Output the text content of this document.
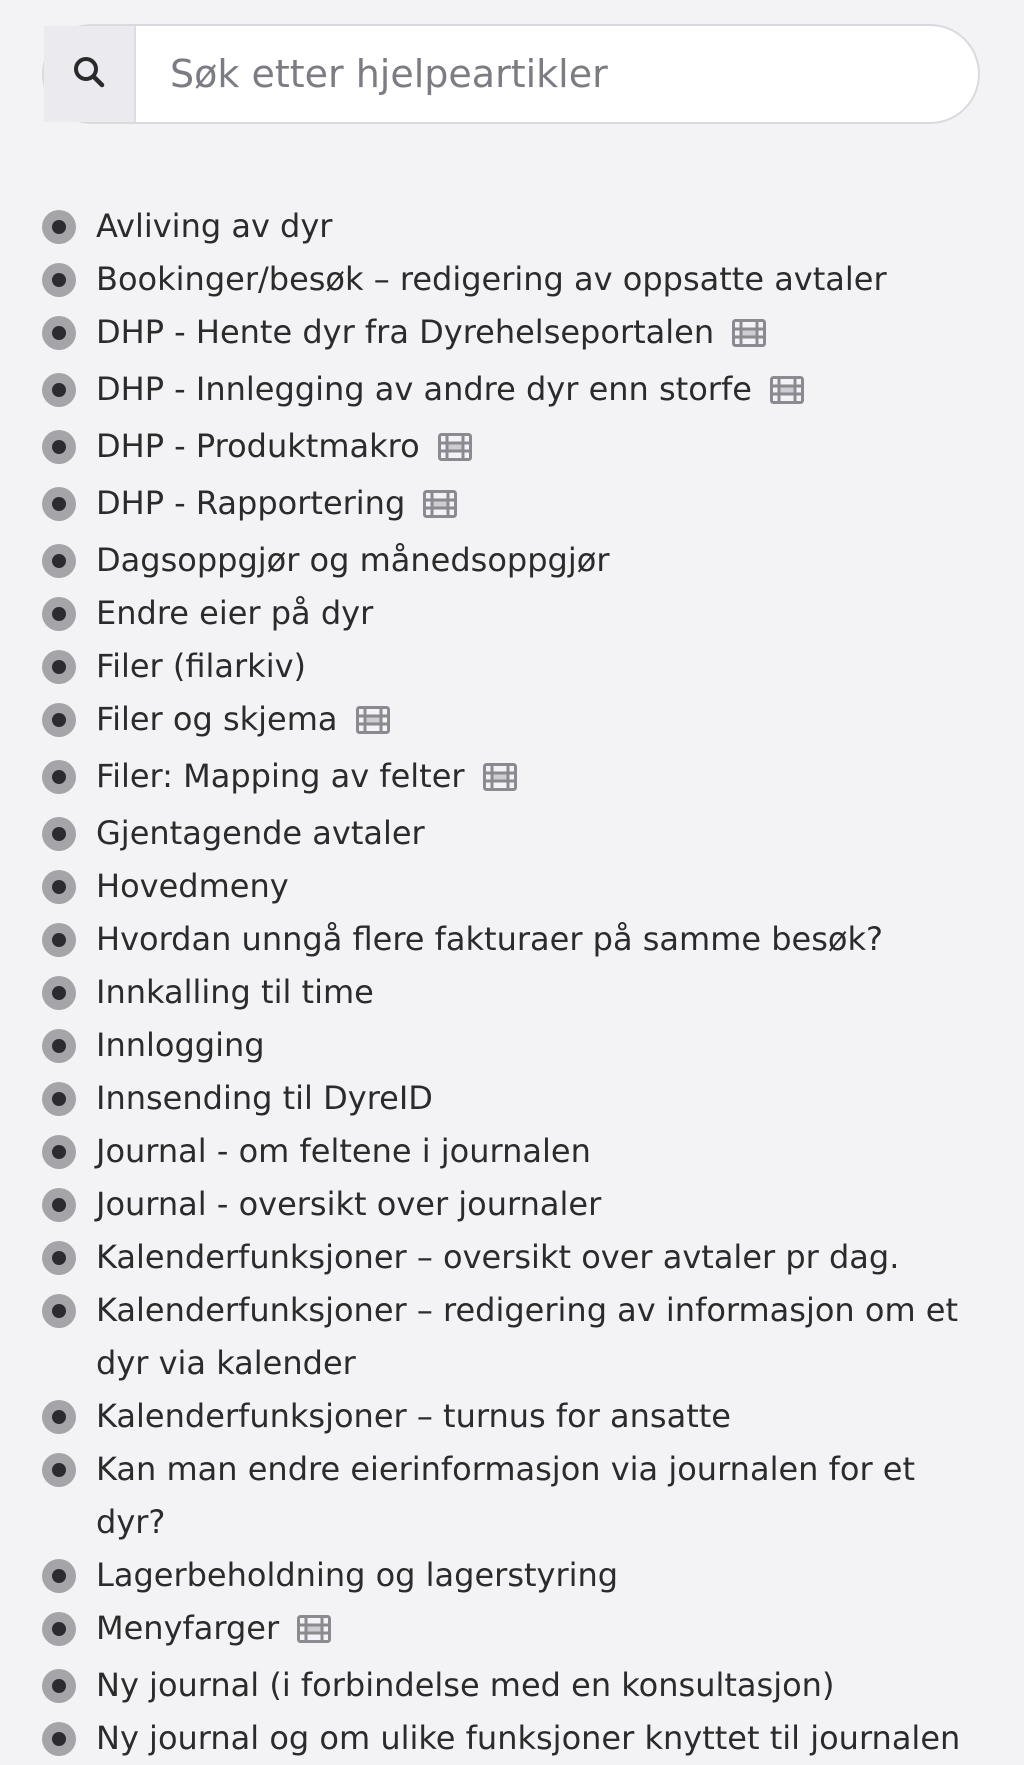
Søk etter hjelpeartikler
Avliving av dyr
Bookinger/besøk – redigering av oppsatte avtaler
DHP - Hente dyr fra Dyrehelseportalen
DHP - Innlegging av andre dyr enn storfe
DHP - Produktmakro
DHP - Rapportering
Dagsoppgjør og månedsoppgjør
Endre eier på dyr
Filer (filarkiv)
Filer og skjema
Filer: Mapping av felter
Gjentagende avtaler
Hovedmeny
Hvordan unngå flere fakturaer på samme besøk?
Innkalling til time
Innlogging
Innsending til DyreID
Journal - om feltene i journalen
Journal - oversikt over journaler
Kalenderfunksjoner – oversikt over avtaler pr dag.
Kalenderfunksjoner – redigering av informasjon om et dyr via kalender
Kalenderfunksjoner – turnus for ansatte
Kan man endre eierinformasjon via journalen for et dyr?
Lagerbeholdning og lagerstyring
Menyfarger
Ny journal (i forbindelse med en konsultasjon)
Ny journal og om ulike funksjoner knyttet til journalen
